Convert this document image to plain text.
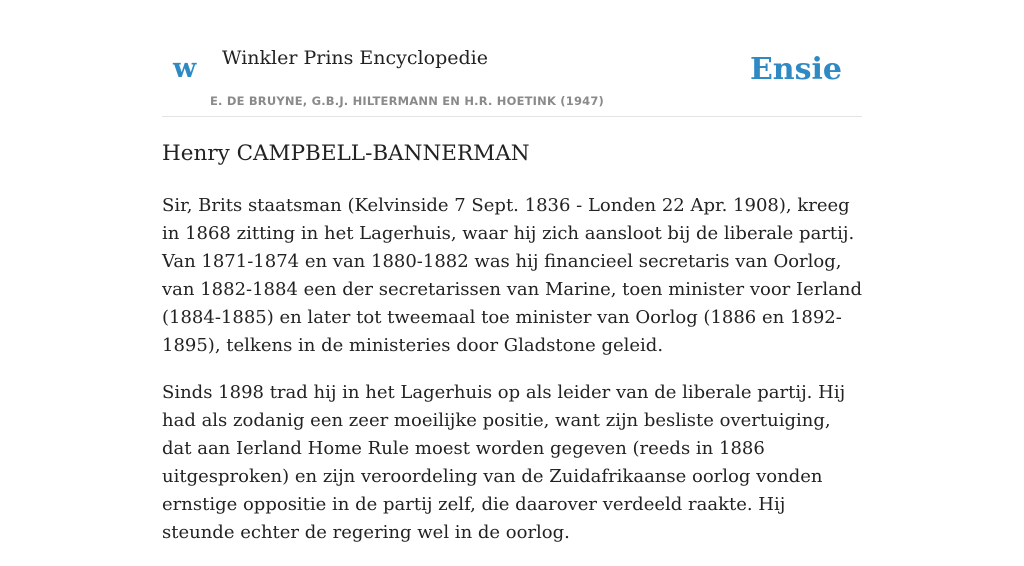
w Winkler Prins Encyclopedie
E. DE BRUYNE, G.B.J. HILTERMANN EN H.R. HOETINK (1947)
Ensie
Henry CAMPBELL-BANNERMAN

Sir, Brits staatsman (Kelvinside 7 Sept. 1836 - Londen 22 Apr. 1908), kreeg in 1868 zitting in het Lagerhuis, waar hij zich aansloot bij de liberale partij. Van 1871-1874 en van 1880-1882 was hij financieel secretaris van Oorlog, van 1882-1884 een der secretarissen van Marine, toen minister voor Ierland (1884-1885) en later tot tweemaal toe minister van Oorlog (1886 en 1892-1895), telkens in de ministeries door Gladstone geleid.

Sinds 1898 trad hij in het Lagerhuis op als leider van de liberale partij. Hij had als zodanig een zeer moeilijke positie, want zijn besliste overtuiging, dat aan Ierland Home Rule moest worden gegeven (reeds in 1886 uitgesproken) en zijn veroordeling van de Zuidafrikaanse oorlog vonden ernstige oppositie in de partij zelf, die daarover verdeeld raakte. Hij steunde echter de regering wel in de oorlog.
